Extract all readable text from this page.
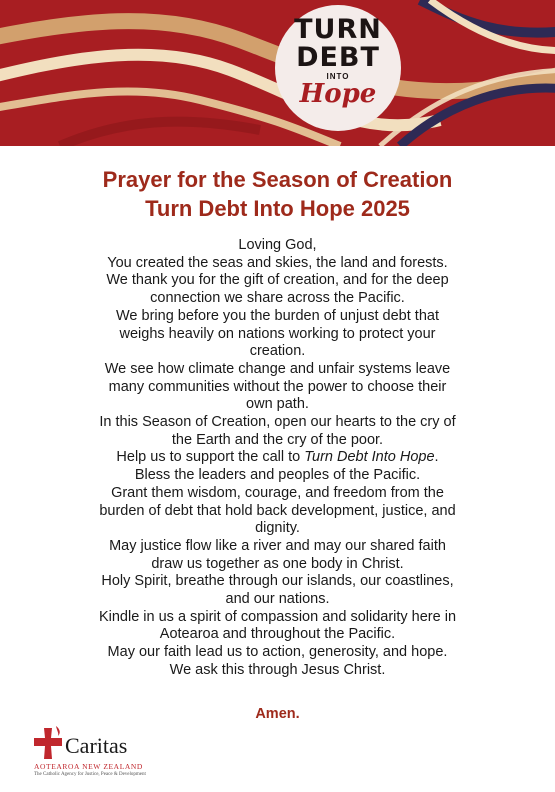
TURN
DEBT
INTO
Hope
Prayer for the Season of Creation
Turn Debt Into Hope 2025
Loving God,
You created the seas and skies, the land and forests.
We thank you for the gift of creation, and for the deep
connection we share across the Pacific.
We bring before you the burden of unjust debt that
weighs heavily on nations working to protect your
creation.
We see how climate change and unfair systems leave
many communities without the power to choose their
own path.
In this Season of Creation, open our hearts to the cry of
the Earth and the cry of the poor.
Help us to support the call to Turn Debt Into Hope.
Bless the leaders and peoples of the Pacific.
Grant them wisdom, courage, and freedom from the
burden of debt that hold back development, justice, and
dignity.
May justice flow like a river and may our shared faith
draw us together as one body in Christ.
Holy Spirit, breathe through our islands, our coastlines,
and our nations.
Kindle in us a spirit of compassion and solidarity here in
Aotearoa and throughout the Pacific.
May our faith lead us to action, generosity, and hope.
We ask this through Jesus Christ.
Amen.
Caritas
AOTEAROA NEW ZEALAND
The Catholic Agency for Justice, Peace & Development
